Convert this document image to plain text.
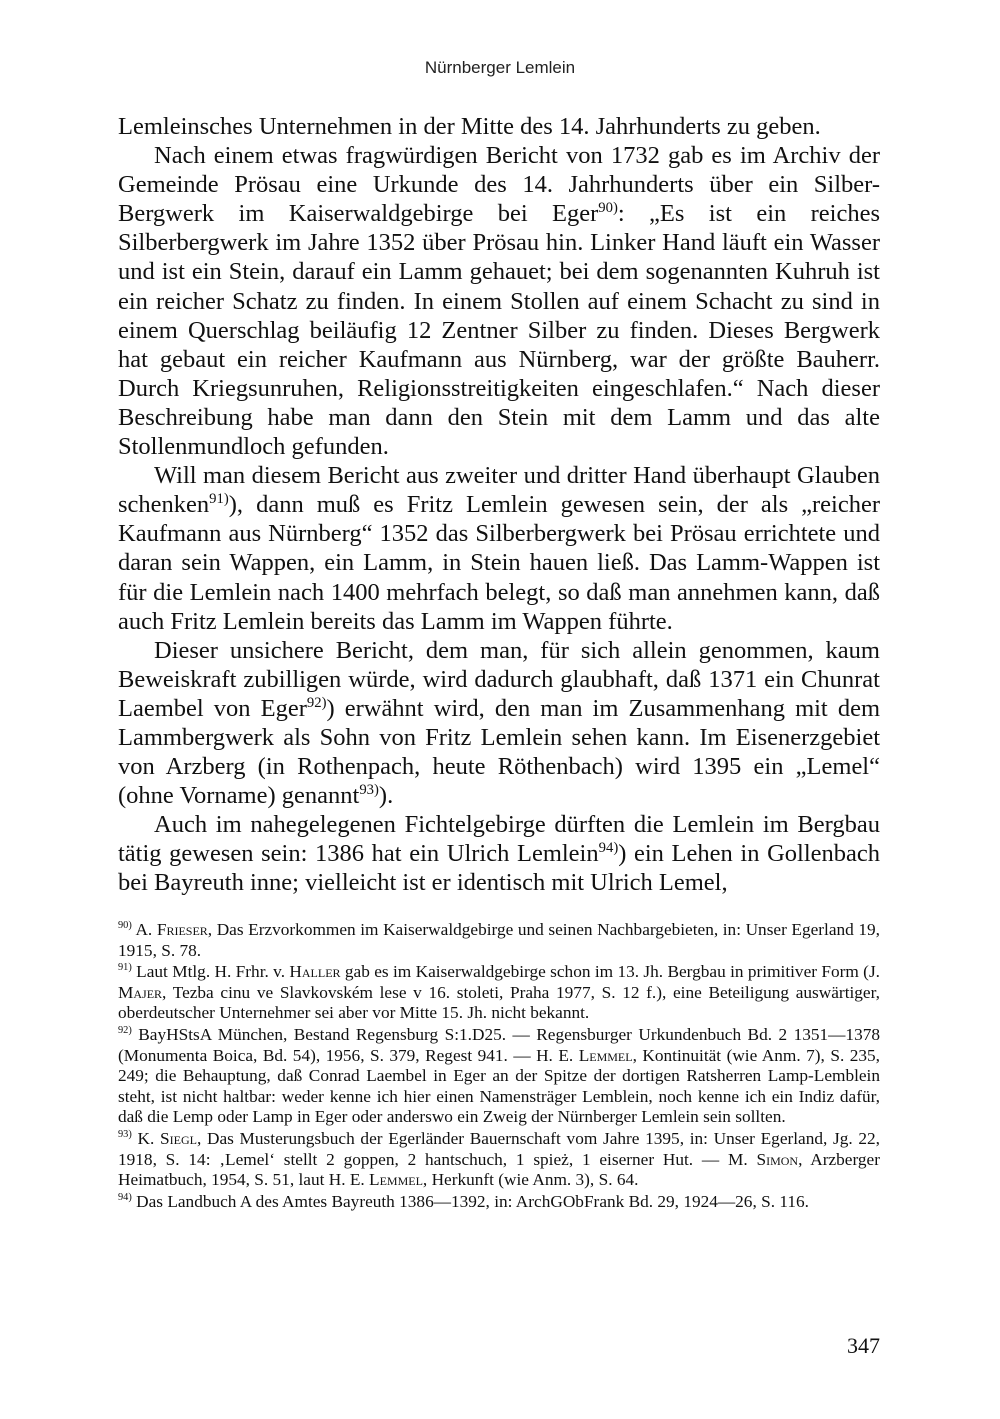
Nürnberger Lemlein

Lemleinsches Unternehmen in der Mitte des 14. Jahrhunderts zu geben.

Nach einem etwas fragwürdigen Bericht von 1732 gab es im Archiv der Gemeinde Prösau eine Urkunde des 14. Jahrhunderts über ein Silber-Bergwerk im Kaiserwaldgebirge bei Eger$^{90)}$: „Es ist ein reiches Silberbergwerk im Jahre 1352 über Prösau hin. Linker Hand läuft ein Wasser und ist ein Stein, darauf ein Lamm gehauet; bei dem sogenannten Kuhruh ist ein reicher Schatz zu finden. In einem Stollen auf einem Schacht zu sind in einem Querschlag beiläufig 12 Zentner Silber zu finden. Dieses Bergwerk hat gebaut ein reicher Kaufmann aus Nürnberg, war der größte Bauherr. Durch Kriegsunruhen, Religionsstreitigkeiten eingeschlafen.“ Nach dieser Beschreibung habe man dann den Stein mit dem Lamm und das alte Stollenmundloch gefunden.

Will man diesem Bericht aus zweiter und dritter Hand überhaupt Glauben schenken$^{91)}$), dann muß es Fritz Lemlein gewesen sein, der als „reicher Kaufmann aus Nürnberg“ 1352 das Silberbergwerk bei Prösau errichtete und daran sein Wappen, ein Lamm, in Stein hauen ließ. Das Lamm-Wappen ist für die Lemlein nach 1400 mehrfach belegt, so daß man annehmen kann, daß auch Fritz Lemlein bereits das Lamm im Wappen führte.

Dieser unsichere Bericht, dem man, für sich allein genommen, kaum Beweiskraft zubilligen würde, wird dadurch glaubhaft, daß 1371 ein Chunrat Laembel von Eger$^{92)}$) erwähnt wird, den man im Zusammenhang mit dem Lammbergwerk als Sohn von Fritz Lemlein sehen kann. Im Eisenerzgebiet von Arzberg (in Rothenpach, heute Röthenbach) wird 1395 ein „Lemel“ (ohne Vorname) genannt$^{93)}$).

Auch im nahegelegenen Fichtelgebirge dürften die Lemlein im Bergbau tätig gewesen sein: 1386 hat ein Ulrich Lemlein$^{94)}$) ein Lehen in Gollenbach bei Bayreuth inne; vielleicht ist er identisch mit Ulrich Lemel,

$^{90)}$ A. Frieser, Das Erzvorkommen im Kaiserwaldgebirge und seinen Nachbargebieten, in: Unser Egerland 19, 1915, S. 78.

$^{91)}$ Laut Mtlg. H. Frhr. v. Haller gab es im Kaiserwaldgebirge schon im 13. Jh. Bergbau in primitiver Form (J. Majer, Tezba cinu ve Slavkovském lese v 16. stoleti, Praha 1977, S. 12 f.), eine Beteiligung auswärtiger, oberdeutscher Unternehmer sei aber vor Mitte 15. Jh. nicht bekannt.

$^{92)}$ BayHStsA München, Bestand Regensburg S:1.D25. — Regensburger Urkundenbuch Bd. 2 1351—1378 (Monumenta Boica, Bd. 54), 1956, S. 379, Regest 941. — H. E. Lemmel, Kontinuität (wie Anm. 7), S. 235, 249; die Behauptung, daß Conrad Laembel in Eger an der Spitze der dortigen Ratsherren Lamp-Lemblein steht, ist nicht haltbar: weder kenne ich hier einen Namensträger Lemblein, noch kenne ich ein Indiz dafür, daß die Lemp oder Lamp in Eger oder anderswo ein Zweig der Nürnberger Lemlein sein sollten.

$^{93)}$ K. Siegl, Das Musterungsbuch der Egerländer Bauernschaft vom Jahre 1395, in: Unser Egerland, Jg. 22, 1918, S. 14: ‚Lemel‘ stellt 2 goppen, 2 hantschuch, 1 spież, 1 eiserner Hut. — M. Simon, Arzberger Heimatbuch, 1954, S. 51, laut H. E. Lemmel, Herkunft (wie Anm. 3), S. 64.

$^{94)}$ Das Landbuch A des Amtes Bayreuth 1386—1392, in: ArchGObFrank Bd. 29, 1924—26, S. 116.

347
